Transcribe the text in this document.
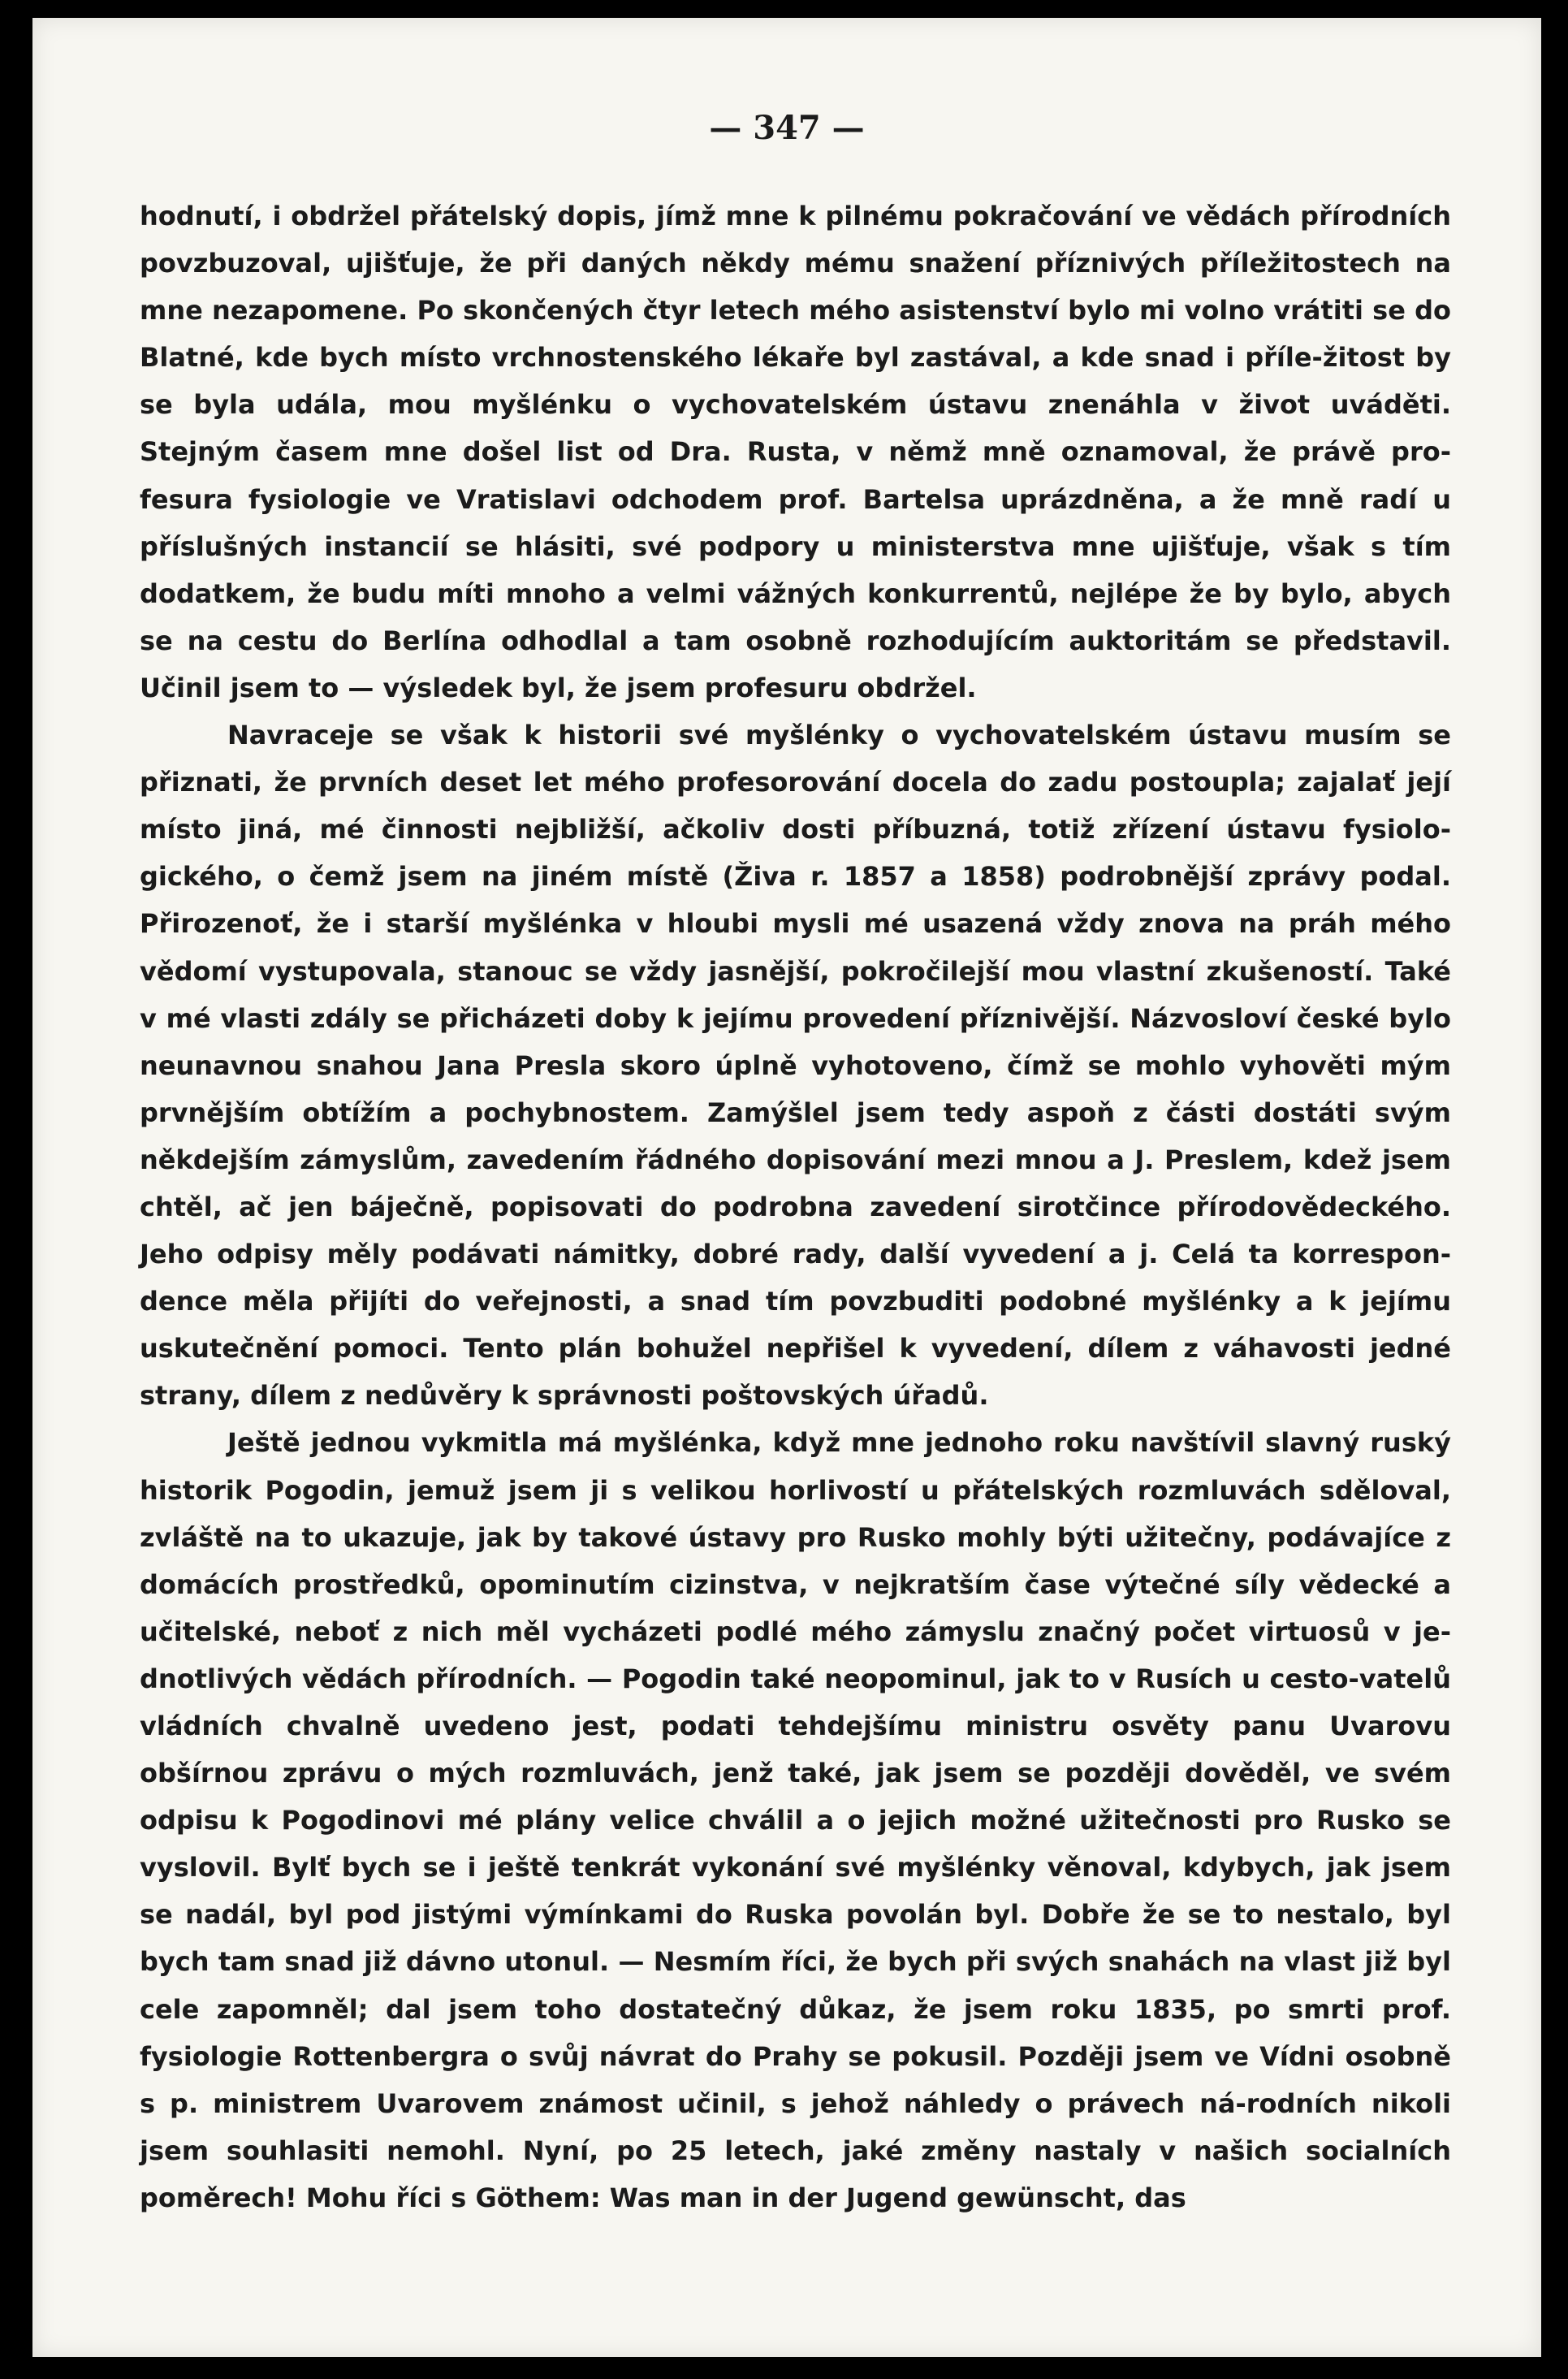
— 347 —

hodnutí, i obdržel přátelský dopis, jímž mne k pilnému pokračování ve vědách přírodních povzbuzoval, ujišťuje, že při daných někdy mému snažení příznivých příležitostech na mne nezapomene. Po skončených čtyr letech mého asistenství bylo mi volno vrátiti se do Blatné, kde bych místo vrchnostenského lékaře byl zastával, a kde snad i příle-žitost by se byla udála, mou myšlénku o vychovatelském ústavu znenáhla v život uváděti. Stejným časem mne došel list od Dra. Rusta, v němž mně oznamoval, že právě pro-fesura fysiologie ve Vratislavi odchodem prof. Bartelsa uprázdněna, a že mně radí u příslušných instancií se hlásiti, své podpory u ministerstva mne ujišťuje, však s tím dodatkem, že budu míti mnoho a velmi vážných konkurrentů, nejlépe že by bylo, abych se na cestu do Berlína odhodlal a tam osobně rozhodujícím auktoritám se představil. Učinil jsem to — výsledek byl, že jsem profesuru obdržel.

Navraceje se však k historii své myšlénky o vychovatelském ústavu musím se přiznati, že prvních deset let mého profesorování docela do zadu postoupla; zajalať její místo jiná, mé činnosti nejbližší, ačkoliv dosti příbuzná, totiž zřízení ústavu fysiolo-gického, o čemž jsem na jiném místě (Živa r. 1857 a 1858) podrobnější zprávy podal. Přirozenoť, že i starší myšlénka v hloubi mysli mé usazená vždy znova na práh mého vědomí vystupovala, stanouc se vždy jasnější, pokročilejší mou vlastní zkušeností. Také v mé vlasti zdály se přicházeti doby k jejímu provedení příznivější. Názvosloví české bylo neunavnou snahou Jana Presla skoro úplně vyhotoveno, čímž se mohlo vyhověti mým prvnějším obtížím a pochybnostem. Zamýšlel jsem tedy aspoň z části dostáti svým někdejším zámyslům, zavedením řádného dopisování mezi mnou a J. Preslem, kdež jsem chtěl, ač jen báječně, popisovati do podrobna zavedení sirotčince přírodovědeckého. Jeho odpisy měly podávati námitky, dobré rady, další vyvedení a j. Celá ta korrespon-dence měla přijíti do veřejnosti, a snad tím povzbuditi podobné myšlénky a k jejímu uskutečnění pomoci. Tento plán bohužel nepřišel k vyvedení, dílem z váhavosti jedné strany, dílem z nedůvěry k správnosti poštovských úřadů.

Ještě jednou vykmitla má myšlénka, když mne jednoho roku navštívil slavný ruský historik Pogodin, jemuž jsem ji s velikou horlivostí u přátelských rozmluvách sděloval, zvláště na to ukazuje, jak by takové ústavy pro Rusko mohly býti užitečny, podávajíce z domácích prostředků, opominutím cizinstva, v nejkratším čase výtečné síly vědecké a učitelské, neboť z nich měl vycházeti podlé mého zámyslu značný počet virtuosů v je-dnotlivých vědách přírodních. — Pogodin také neopominul, jak to v Rusích u cesto-vatelů vládních chvalně uvedeno jest, podati tehdejšímu ministru osvěty panu Uvarovu obšírnou zprávu o mých rozmluvách, jenž také, jak jsem se později dověděl, ve svém odpisu k Pogodinovi mé plány velice chválil a o jejich možné užitečnosti pro Rusko se vyslovil. Bylť bych se i ještě tenkrát vykonání své myšlénky věnoval, kdybych, jak jsem se nadál, byl pod jistými výmínkami do Ruska povolán byl. Dobře že se to nestalo, byl bych tam snad již dávno utonul. — Nesmím říci, že bych při svých snahách na vlast již byl cele zapomněl; dal jsem toho dostatečný důkaz, že jsem roku 1835, po smrti prof. fysiologie Rottenbergra o svůj návrat do Prahy se pokusil. Později jsem ve Vídni osobně s p. ministrem Uvarovem známost učinil, s jehož náhledy o právech ná-rodních nikoli jsem souhlasiti nemohl. Nyní, po 25 letech, jaké změny nastaly v našich socialních poměrech! Mohu říci s Göthem: Was man in der Jugend gewünscht, das
